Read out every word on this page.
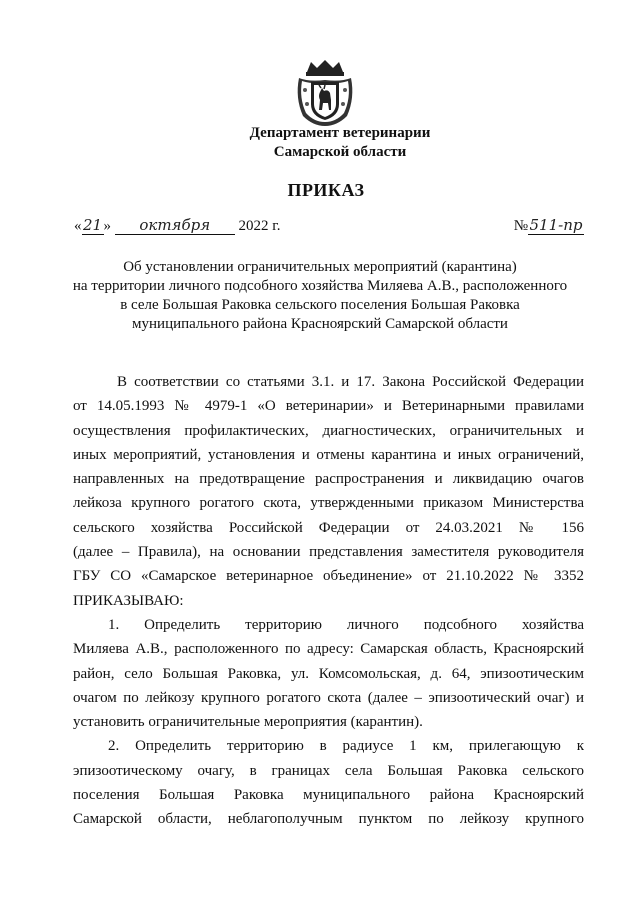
Департамент ветеринарии
Самарской области
ПРИКАЗ
«21» октября 2022 г.	№ 511-пр
Об установлении ограничительных мероприятий (карантина)
на территории личного подсобного хозяйства Миляева А.В., расположенного
в селе Большая Раковка сельского поселения Большая Раковка
муниципального района Красноярский Самарской области
В соответствии со статьями 3.1. и 17. Закона Российской Федерации
от 14.05.1993 № 4979-1 «О ветеринарии» и Ветеринарными правилами
осуществления профилактических, диагностических, ограничительных и
иных мероприятий, установления и отмены карантина и иных ограничений,
направленных на предотвращение распространения и ликвидацию очагов
лейкоза крупного рогатого скота, утвержденными приказом Министерства
сельского хозяйства Российской Федерации от 24.03.2021 № 156
(далее – Правила), на основании представления заместителя руководителя
ГБУ СО «Самарское ветеринарное объединение» от 21.10.2022 № 3352
ПРИКАЗЫВАЮ:
1. Определить территорию личного подсобного хозяйства
Миляева А.В., расположенного по адресу: Самарская область, Красноярский
район, село Большая Раковка, ул. Комсомольская, д. 64, эпизоотическим
очагом по лейкозу крупного рогатого скота (далее – эпизоотический очаг) и
установить ограничительные мероприятия (карантин).
2. Определить территорию в радиусе 1 км, прилегающую к
эпизоотическому очагу, в границах села Большая Раковка сельского
поселения Большая Раковка муниципального района Красноярский
Самарской области, неблагополучным пунктом по лейкозу крупного
